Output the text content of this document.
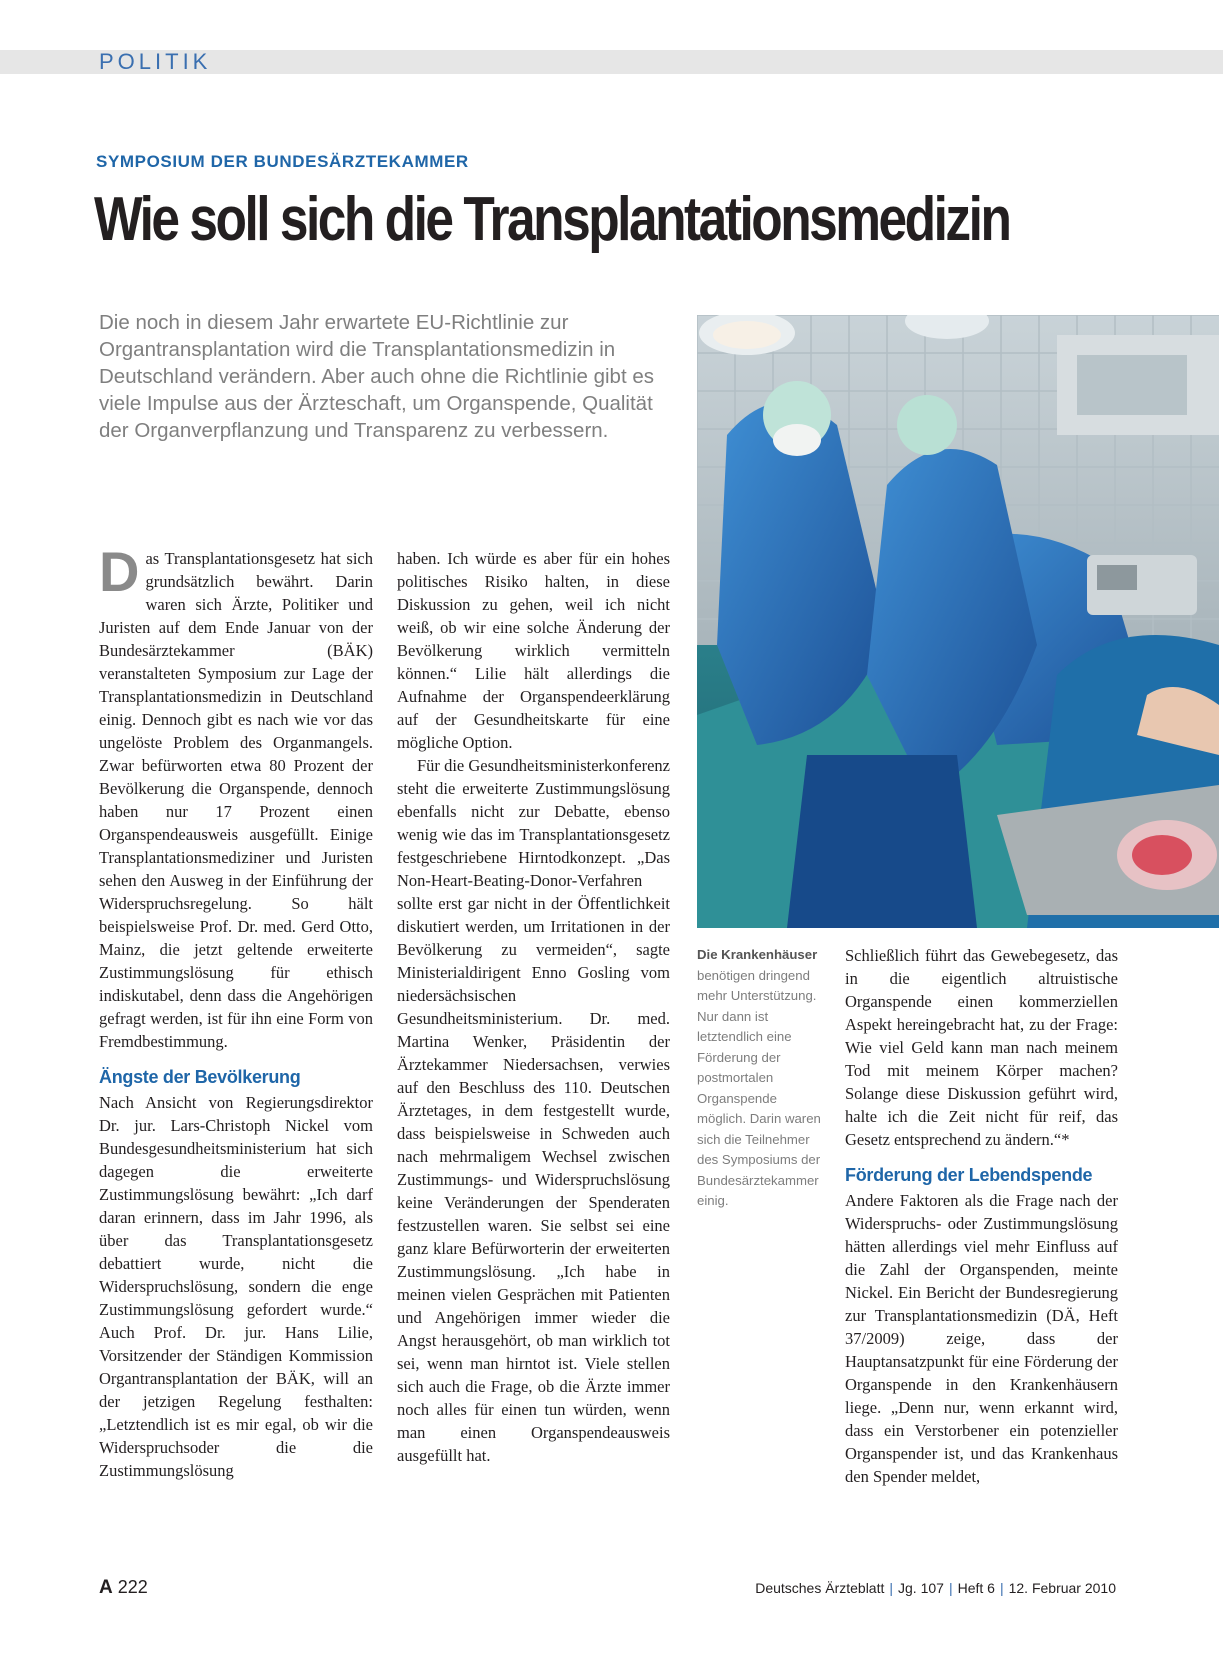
POLITIK
SYMPOSIUM DER BUNDESÄRZTEKAMMER
Wie soll sich die Transplantationsmedizin
Die noch in diesem Jahr erwartete EU-Richtlinie zur Organtransplantation wird die Transplantationsmedizin in Deutschland verändern. Aber auch ohne die Richtlinie gibt es viele Impulse aus der Ärzteschaft, um Organspende, Qualität der Organverpflanzung und Transparenz zu verbessern.

Das Transplantationsgesetz hat sich grundsätzlich bewährt. Darin waren sich Ärzte, Politiker und Juristen auf dem Ende Januar von der Bundesärztekammer (BÄK) veranstalteten Symposium zur Lage der Transplantationsmedizin in Deutschland einig. Dennoch gibt es nach wie vor das ungelöste Problem des Organmangels. Zwar befürworten etwa 80 Prozent der Bevölkerung die Organspende, dennoch haben nur 17 Prozent einen Organspendeausweis ausgefüllt. Einige Transplantationsmediziner und Juristen sehen den Ausweg in der Einführung der Widerspruchsregelung. So hält beispielsweise Prof. Dr. med. Gerd Otto, Mainz, die jetzt geltende erweiterte Zustimmungslösung für ethisch indiskutabel, denn dass die Angehörigen gefragt werden, ist für ihn eine Form von Fremdbestimmung.

Ängste der Bevölkerung

Nach Ansicht von Regierungsdirektor Dr. jur. Lars-Christoph Nickel vom Bundesgesundheitsministerium hat sich dagegen die erweiterte Zustimmungslösung bewährt: „Ich darf daran erinnern, dass im Jahr 1996, als über das Transplantationsgesetz debattiert wurde, nicht die Widerspruchslösung, sondern die enge Zustimmungslösung gefordert wurde.“ Auch Prof. Dr. jur. Hans Lilie, Vorsitzender der Ständigen Kommission Organtransplantation der BÄK, will an der jetzigen Regelung festhalten: „Letztendlich ist es mir egal, ob wir die Widerspruchsoder die die Zustimmungslösung

haben. Ich würde es aber für ein hohes politisches Risiko halten, in diese Diskussion zu gehen, weil ich nicht weiß, ob wir eine solche Änderung der Bevölkerung wirklich vermitteln können.“ Lilie hält allerdings die Aufnahme der Organspendeerklärung auf der Gesundheitskarte für eine mögliche Option.

Für die Gesundheitsministerkonferenz steht die erweiterte Zustimmungslösung ebenfalls nicht zur Debatte, ebenso wenig wie das im Transplantationsgesetz festgeschriebene Hirntodkonzept. „Das Non-Heart-Beating-Donor-Verfahren sollte erst gar nicht in der Öffentlichkeit diskutiert werden, um Irritationen in der Bevölkerung zu vermeiden“, sagte Ministerialdirigent Enno Gosling vom niedersächsischen Gesundheitsministerium. Dr. med. Martina Wenker, Präsidentin der Ärztekammer Niedersachsen, verwies auf den Beschluss des 110. Deutschen Ärztetages, in dem festgestellt wurde, dass beispielsweise in Schweden auch nach mehrmaligem Wechsel zwischen Zustimmungs- und Widerspruchslösung keine Veränderungen der Spenderaten festzustellen waren. Sie selbst sei eine ganz klare Befürworterin der erweiterten Zustimmungslösung. „Ich habe in meinen vielen Gesprächen mit Patienten und Angehörigen immer wieder die Angst herausgehört, ob man wirklich tot sei, wenn man hirntot ist. Viele stellen sich auch die Frage, ob die Ärzte immer noch alles für einen tun würden, wenn man einen Organspendeausweis ausgefüllt hat.

Die Krankenhäuser benötigen dringend mehr Unterstützung. Nur dann ist letztendlich eine Förderung der postmortalen Organspende möglich. Darin waren sich die Teilnehmer des Symposiums der Bundesärztekammer einig.

Schließlich führt das Gewebegesetz, das in die eigentlich altruistische Organspende einen kommerziellen Aspekt hereingebracht hat, zu der Frage: Wie viel Geld kann man nach meinem Tod mit meinem Körper machen? Solange diese Diskussion geführt wird, halte ich die Zeit nicht für reif, das Gesetz entsprechend zu ändern.“*

Förderung der Lebendspende

Andere Faktoren als die Frage nach der Widerspruchs- oder Zustimmungslösung hätten allerdings viel mehr Einfluss auf die Zahl der Organspenden, meinte Nickel. Ein Bericht der Bundesregierung zur Transplantationsmedizin (DÄ, Heft 37/2009) zeige, dass der Hauptansatzpunkt für eine Förderung der Organspende in den Krankenhäusern liege. „Denn nur, wenn erkannt wird, dass ein Verstorbener ein potenzieller Organspender ist, und das Krankenhaus den Spender meldet,

A 222	Deutsches Ärzteblatt | Jg. 107 | Heft 6 | 12. Februar 2010
